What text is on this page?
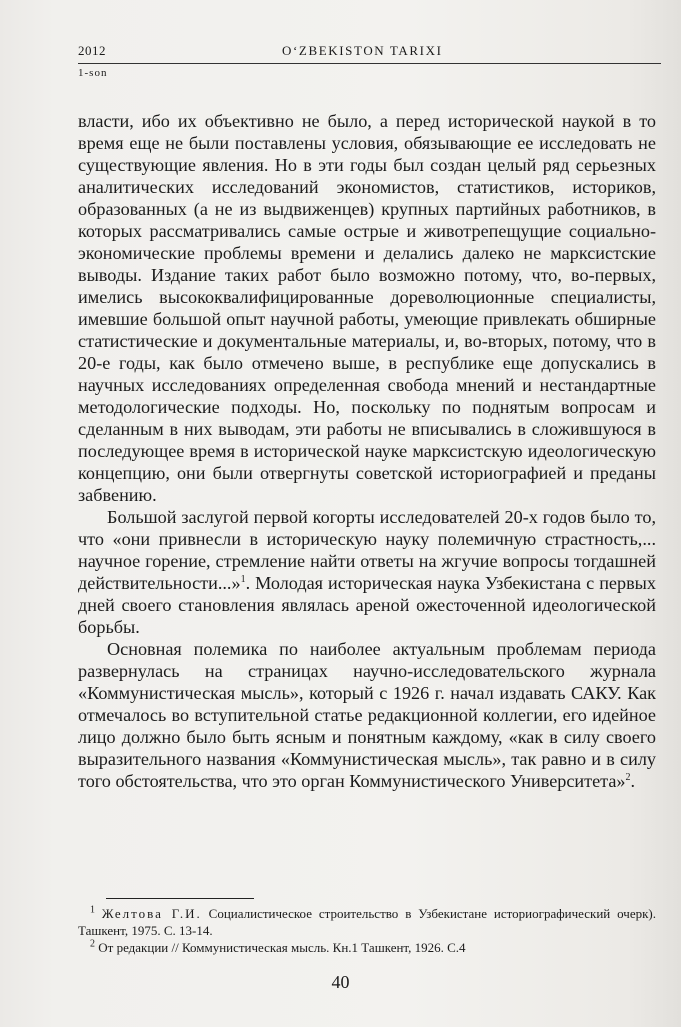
2012	O‘ZBEKISTON TARIXI
1-son

власти, ибо их объективно не было, а перед исторической наукой в то время еще не были поставлены условия, обязывающие ее исследовать не существующие явления. Но в эти годы был создан целый ряд серьезных аналитических исследований экономистов, статистиков, историков, образованных (а не из выдвиженцев) крупных партийных работников, в которых рассматривались самые острые и животрепещущие социально-экономические проблемы времени и делались далеко не марксистские выводы. Издание таких работ было возможно потому, что, во-первых, имелись высококвалифицированные дореволюционные специалисты, имевшие большой опыт научной работы, умеющие привлекать обширные статистические и документальные материалы, и, во-вторых, потому, что в 20-е годы, как было отмечено выше, в республике еще допускались в научных исследованиях определенная свобода мнений и нестандартные методологические подходы. Но, поскольку по поднятым вопросам и сделанным в них выводам, эти работы не вписывались в сложившуюся в последующее время в исторической науке марксистскую идеологическую концепцию, они были отвергнуты советской историографией и преданы забвению.

Большой заслугой первой когорты исследователей 20-х годов было то, что «они привнесли в историческую науку полемичную страстность,... научное горение, стремление найти ответы на жгучие вопросы тогдашней действительности...»$^1$. Молодая историческая наука Узбекистана с первых дней своего становления являлась ареной ожесточенной идеологической борьбы.

Основная полемика по наиболее актуальным проблемам периода развернулась на страницах научно-исследовательского журнала «Коммунистическая мысль», который с 1926 г. начал издавать САКУ. Как отмечалось во вступительной статье редакционной коллегии, его идейное лицо должно было быть ясным и понятным каждому, «как в силу своего выразительного названия «Коммунистическая мысль», так равно и в силу того обстоятельства, что это орган Коммунистического Университета»$^2$.

$^1$ Желтова Г.И. Социалистическое строительство в Узбекистане историографический очерк). Ташкент, 1975. С. 13-14.

$^2$ От редакции // Коммунистическая мысль. Кн.1 Ташкент, 1926. С.4

40
